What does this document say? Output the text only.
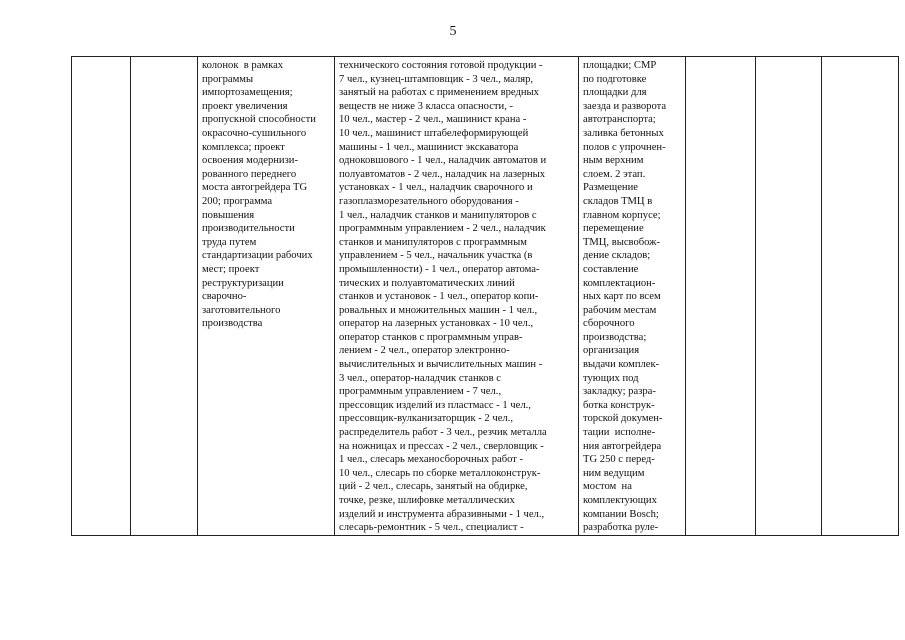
5

колонок  в рамках
программы
импортозамещения;
проект увеличения
пропускной способности
окрасочно-сушильного
комплекса; проект
освоения модернизи-
рованного переднего
моста автогрейдера TG
200; программа
повышения
производительности
труда путем
стандартизации рабочих
мест; проект
реструктуризации
сварочно-
заготовительного
производства

технического состояния готовой продукции -
7 чел., кузнец-штамповщик - 3 чел., маляр,
занятый на работах с применением вредных
веществ не ниже 3 класса опасности, -
10 чел., мастер - 2 чел., машинист крана -
10 чел., машинист штабелеформирующей
машины - 1 чел., машинист экскаватора
одноковшового - 1 чел., наладчик автоматов и
полуавтоматов - 2 чел., наладчик на лазерных
установках - 1 чел., наладчик сварочного и
газоплазморезательного оборудования -
1 чел., наладчик станков и манипуляторов с
программным управлением - 2 чел., наладчик
станков и манипуляторов с программным
управлением - 5 чел., начальник участка (в
промышленности) - 1 чел., оператор автома-
тических и полуавтоматических линий
станков и установок - 1 чел., оператор копи-
ровальных и множительных машин - 1 чел.,
оператор на лазерных установках - 10 чел.,
оператор станков с программным управ-
лением - 2 чел., оператор электронно-
вычислительных и вычислительных машин -
3 чел., оператор-наладчик станков с
программным управлением - 7 чел.,
прессовщик изделий из пластмасс - 1 чел.,
прессовщик-вулканизаторщик - 2 чел.,
распределитель работ - 3 чел., резчик металла
на ножницах и прессах - 2 чел., сверловщик -
1 чел., слесарь механосборочных работ -
10 чел., слесарь по сборке металлоконструк-
ций - 2 чел., слесарь, занятый на обдирке,
точке, резке, шлифовке металлических
изделий и инструмента абразивными - 1 чел.,
слесарь-ремонтник - 5 чел., специалист -

площадки; СМР
по подготовке
площадки для
заезда и разворота
автотранспорта;
заливка бетонных
полов с упрочнен-
ным верхним
слоем. 2 этап.
Размещение
складов ТМЦ в
главном корпусе;
перемещение
ТМЦ, высвобож-
дение складов;
составление
комплектацион-
ных карт по всем
рабочим местам
сборочного
производства;
организация
выдачи комплек-
тующих под
закладку; разра-
ботка конструк-
торской докумен-
тации  исполне-
ния автогрейдера
TG 250 с перед-
ним ведущим
мостом  на
комплектующих
компании Bosch;
разработка руле-
